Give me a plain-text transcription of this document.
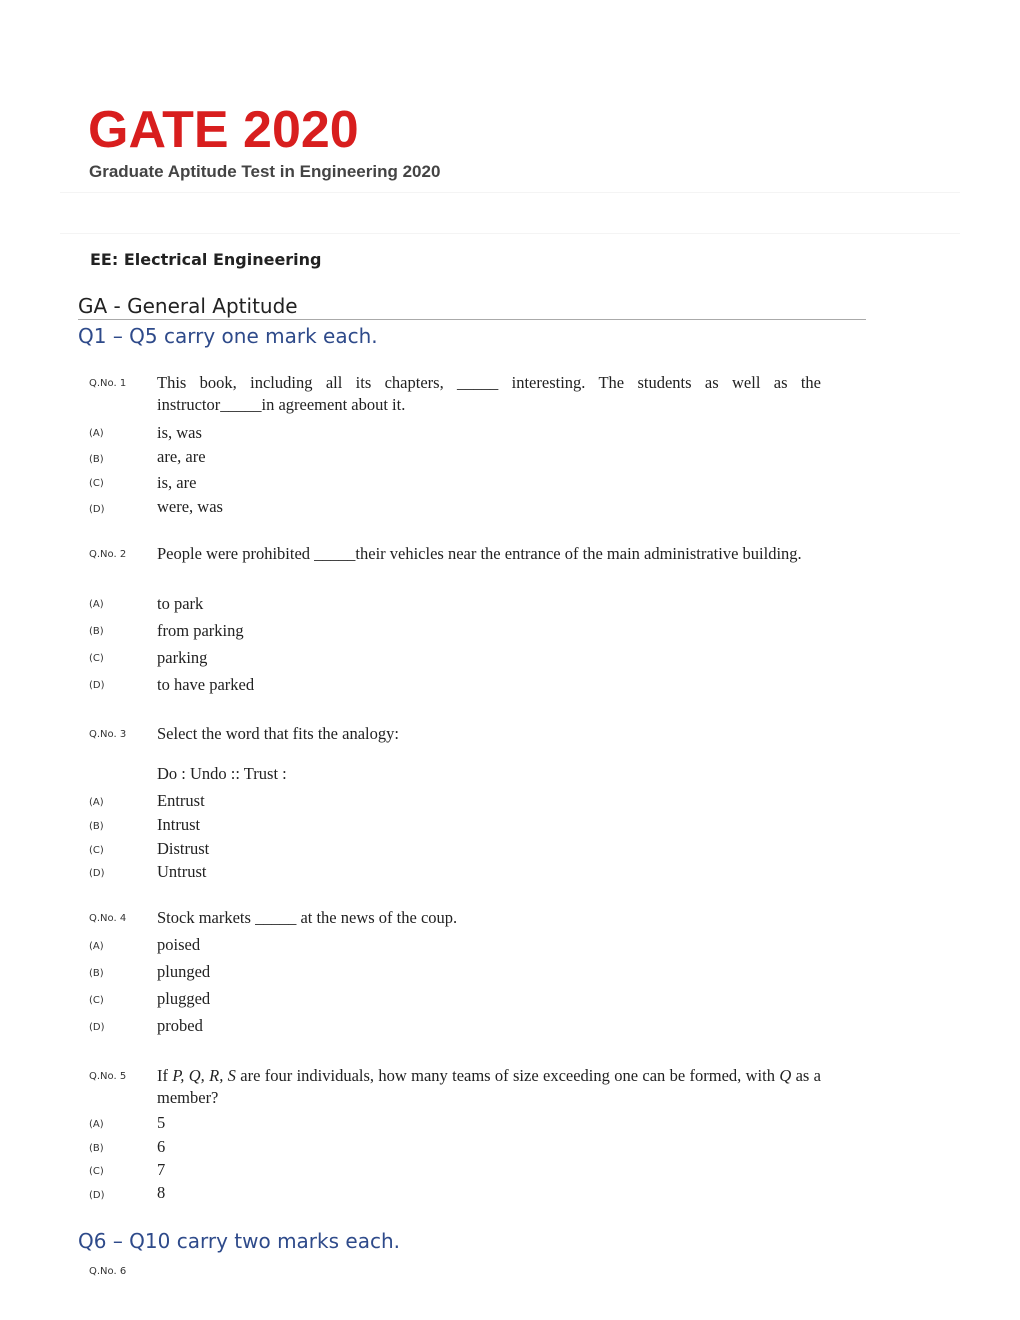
GATE 2020
Graduate Aptitude Test in Engineering 2020
EE: Electrical Engineering
GA - General Aptitude
Q1 – Q5 carry one mark each.
Q.No. 1 This book, including all its chapters, _____ interesting. The students as well as the instructor_____in agreement about it.
(A)	is, was
(B)	are, are
(C)	is, are
(D)	were, was
Q.No. 2 People were prohibited _____their vehicles near the entrance of the main administrative building.
(A)	to park
(B)	from parking
(C)	parking
(D)	to have parked
Q.No. 3 Select the word that fits the analogy:
Do : Undo :: Trust :
(A)	Entrust
(B)	Intrust
(C)	Distrust
(D)	Untrust
Q.No. 4 Stock markets _____ at the news of the coup.
(A)	poised
(B)	plunged
(C)	plugged
(D)	probed
Q.No. 5 If P, Q, R, S are four individuals, how many teams of size exceeding one can be formed, with Q as a member?
(A)	5
(B)	6
(C)	7
(D)	8
Q6 – Q10 carry two marks each.
Q.No. 6
